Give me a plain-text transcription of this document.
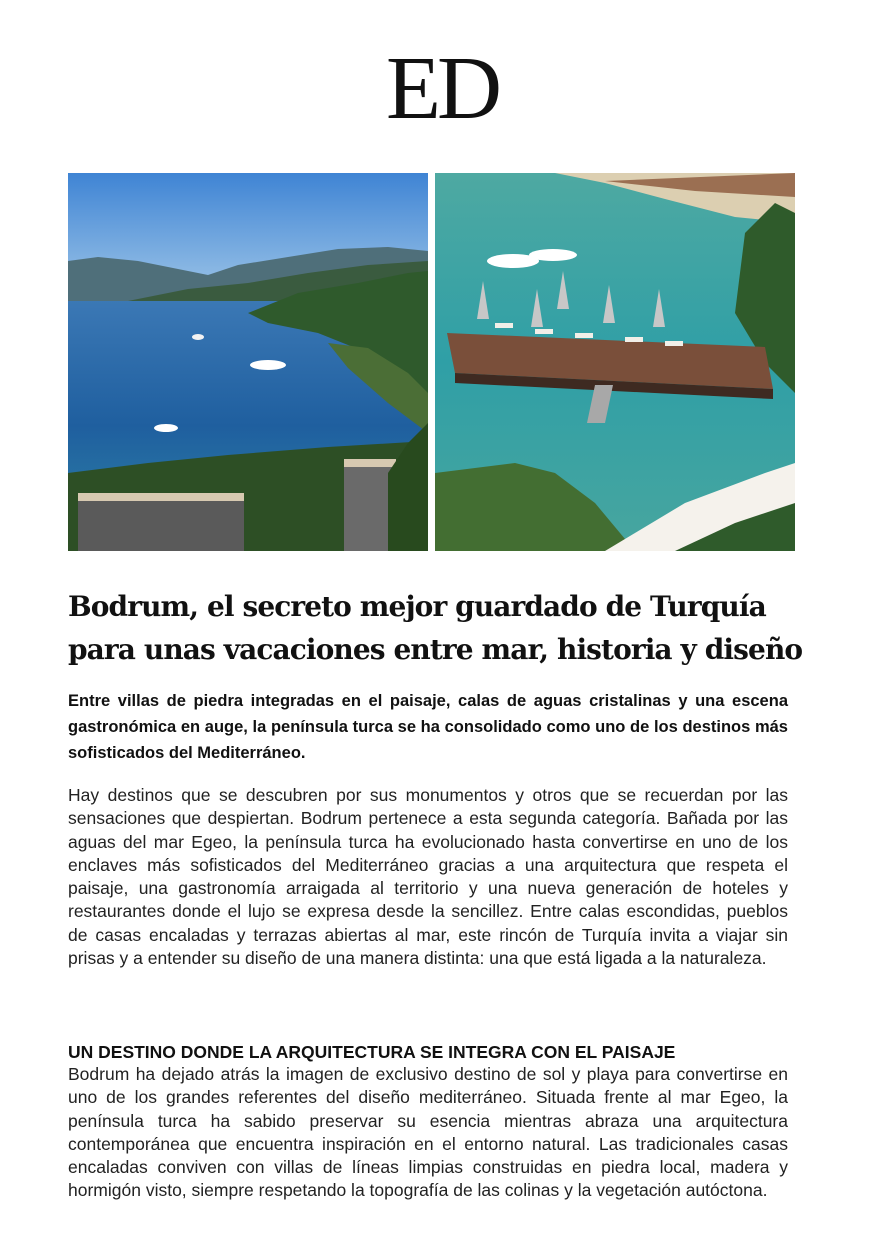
ED
Bodrum, el secreto mejor guardado de Turquía para unas vacaciones entre mar, historia y diseño

Entre villas de piedra integradas en el paisaje, calas de aguas cristalinas y una escena gastronómica en auge, la península turca se ha consolidado como uno de los destinos más sofisticados del Mediterráneo.

Hay destinos que se descubren por sus monumentos y otros que se recuerdan por las sensaciones que despiertan. Bodrum pertenece a esta segunda categoría. Bañada por las aguas del mar Egeo, la península turca ha evolucionado hasta convertirse en uno de los enclaves más sofisticados del Mediterráneo gracias a una arquitectura que respeta el paisaje, una gastronomía arraigada al territorio y una nueva generación de hoteles y restaurantes donde el lujo se expresa desde la sencillez. Entre calas escondidas, pueblos de casas encaladas y terrazas abiertas al mar, este rincón de Turquía invita a viajar sin prisas y a entender su diseño de una manera distinta: una que está ligada a la naturaleza.

UN DESTINO DONDE LA ARQUITECTURA SE INTEGRA CON EL PAISAJE

Bodrum ha dejado atrás la imagen de exclusivo destino de sol y playa para convertirse en uno de los grandes referentes del diseño mediterráneo. Situada frente al mar Egeo, la península turca ha sabido preservar su esencia mientras abraza una arquitectura contemporánea que encuentra inspiración en el entorno natural. Las tradicionales casas encaladas conviven con villas de líneas limpias construidas en piedra local, madera y hormigón visto, siempre respetando la topografía de las colinas y la vegetación autóctona.
